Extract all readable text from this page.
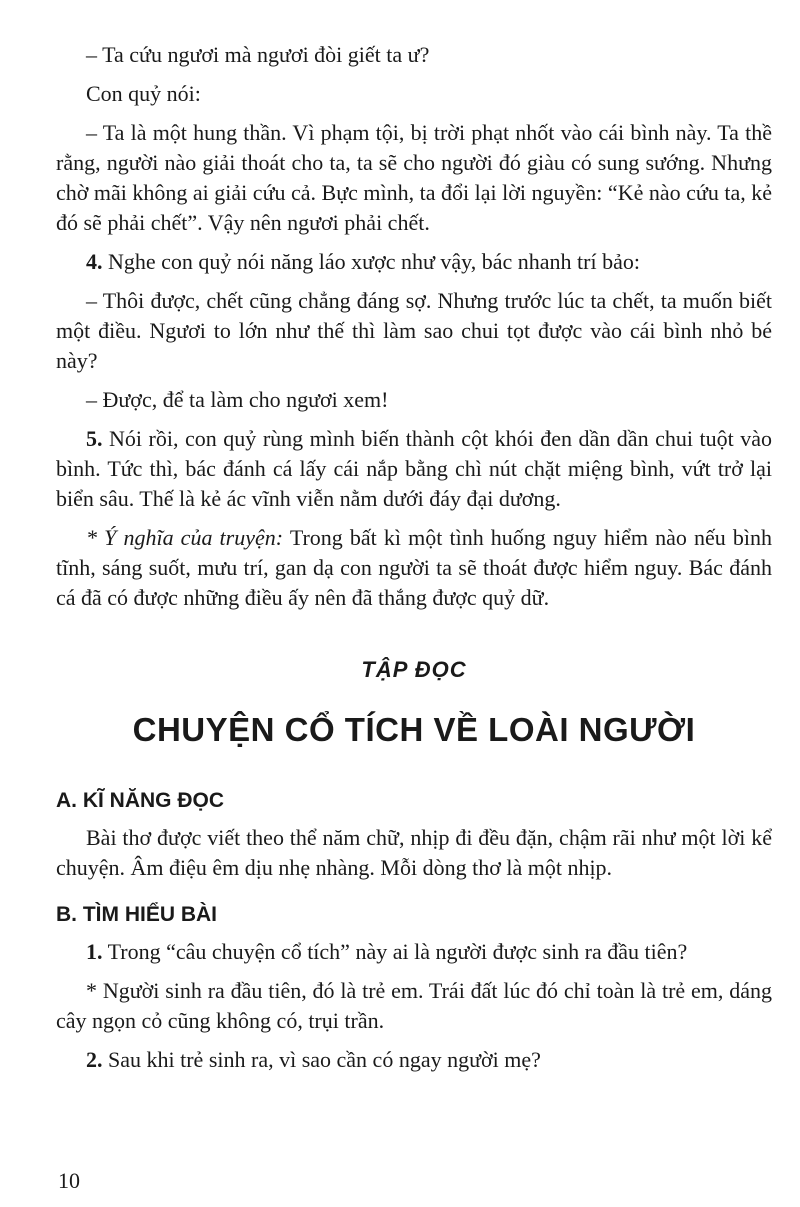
– Ta cứu ngươi mà ngươi đòi giết ta ư?

Con quỷ nói:

– Ta là một hung thần. Vì phạm tội, bị trời phạt nhốt vào cái bình này. Ta thề rằng, người nào giải thoát cho ta, ta sẽ cho người đó giàu có sung sướng. Nhưng chờ mãi không ai giải cứu cả. Bực mình, ta đổi lại lời nguyền: “Kẻ nào cứu ta, kẻ đó sẽ phải chết”. Vậy nên ngươi phải chết.

4. Nghe con quỷ nói năng láo xược như vậy, bác nhanh trí bảo:

– Thôi được, chết cũng chẳng đáng sợ. Nhưng trước lúc ta chết, ta muốn biết một điều. Ngươi to lớn như thế thì làm sao chui tọt được vào cái bình nhỏ bé này?

– Được, để ta làm cho ngươi xem!

5. Nói rồi, con quỷ rùng mình biến thành cột khói đen dần dần chui tuột vào bình. Tức thì, bác đánh cá lấy cái nắp bằng chì nút chặt miệng bình, vứt trở lại biển sâu. Thế là kẻ ác vĩnh viễn nằm dưới đáy đại dương.

* Ý nghĩa của truyện: Trong bất kì một tình huống nguy hiểm nào nếu bình tĩnh, sáng suốt, mưu trí, gan dạ con người ta sẽ thoát được hiểm nguy. Bác đánh cá đã có được những điều ấy nên đã thắng được quỷ dữ.

TẬP ĐỌC
CHUYỆN CỔ TÍCH VỀ LOÀI NGƯỜI
A. KĨ NĂNG ĐỌC

Bài thơ được viết theo thể năm chữ, nhịp đi đều đặn, chậm rãi như một lời kể chuyện. Âm điệu êm dịu nhẹ nhàng. Mỗi dòng thơ là một nhịp.

B. TÌM HIỂU BÀI

1. Trong “câu chuyện cổ tích” này ai là người được sinh ra đầu tiên?

* Người sinh ra đầu tiên, đó là trẻ em. Trái đất lúc đó chỉ toàn là trẻ em, dáng cây ngọn cỏ cũng không có, trụi trần.

2. Sau khi trẻ sinh ra, vì sao cần có ngay người mẹ?

10
